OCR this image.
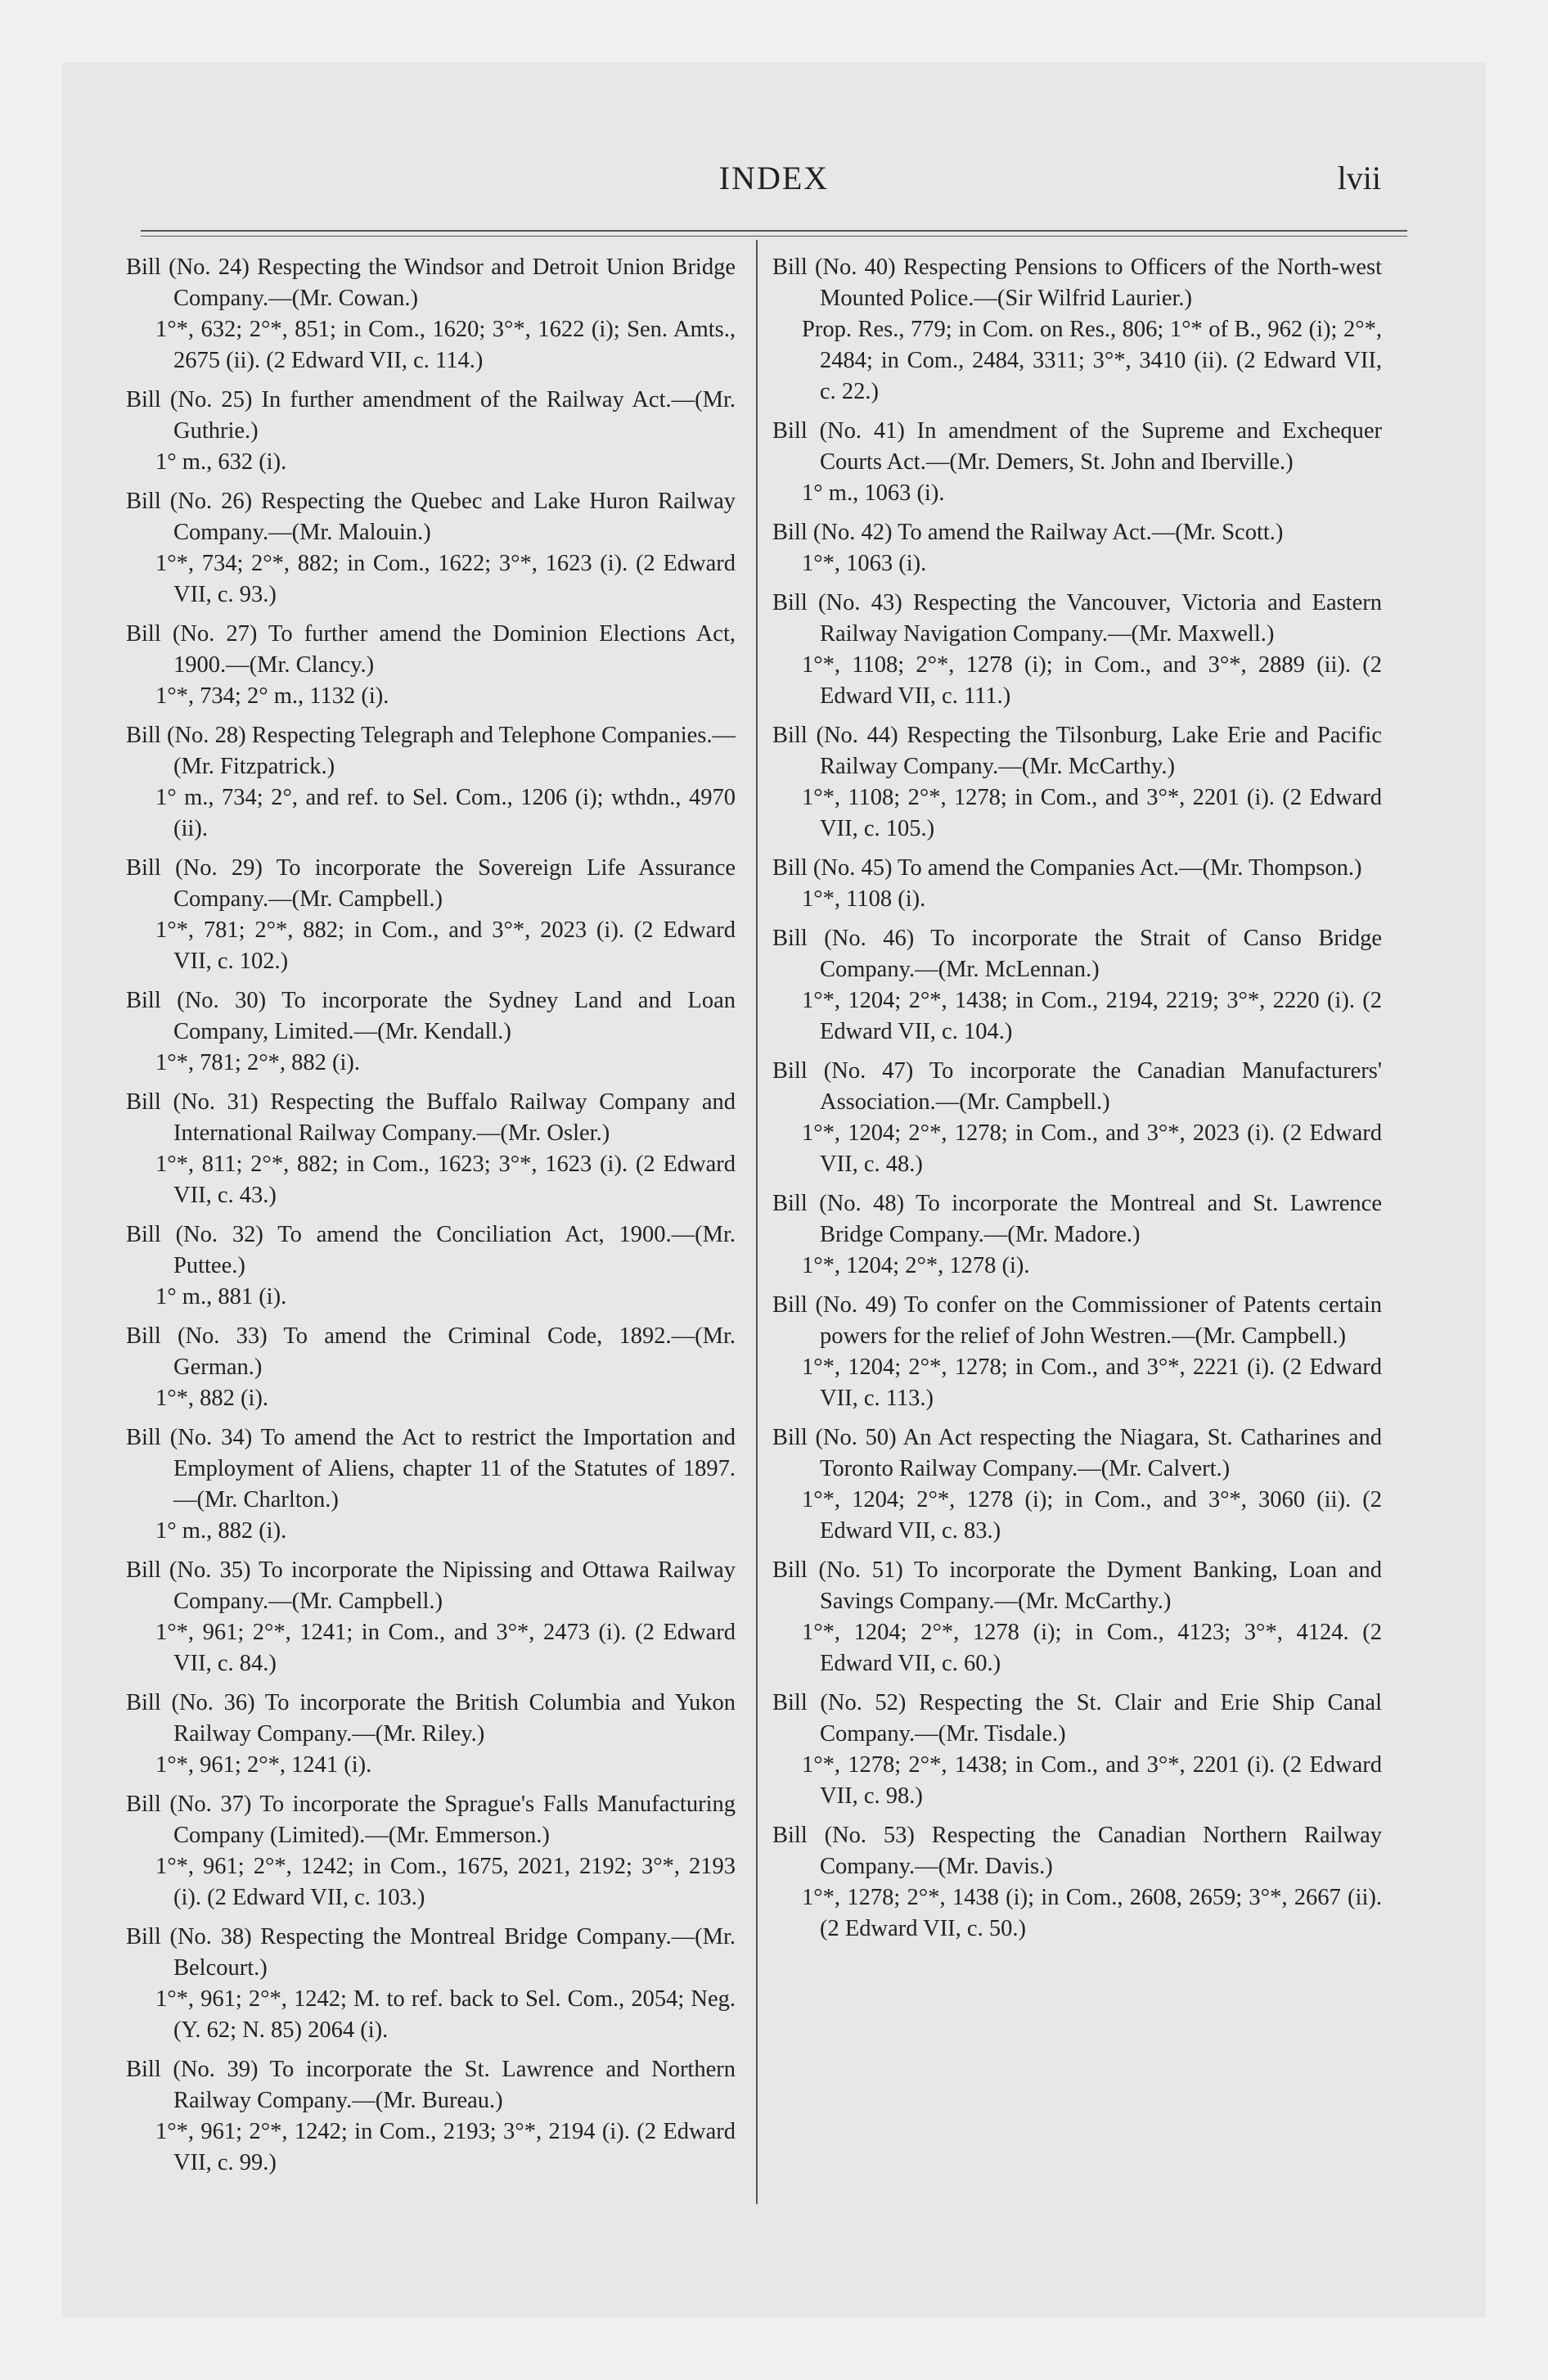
INDEX	lvii
Bill (No. 24) Respecting the Windsor and Detroit Union Bridge Company.—(Mr. Cowan.)
1°*, 632; 2°*, 851; in Com., 1620; 3°*, 1622 (i); Sen. Amts., 2675 (ii). (2 Edward VII, c. 114.)
Bill (No. 25) In further amendment of the Railway Act.—(Mr. Guthrie.)
1° m., 632 (i).
Bill (No. 26) Respecting the Quebec and Lake Huron Railway Company.—(Mr. Malouin.)
1°*, 734; 2°*, 882; in Com., 1622; 3°*, 1623 (i). (2 Edward VII, c. 93.)
Bill (No. 27) To further amend the Dominion Elections Act, 1900.—(Mr. Clancy.)
1°*, 734; 2° m., 1132 (i).
Bill (No. 28) Respecting Telegraph and Telephone Companies.—(Mr. Fitzpatrick.)
1° m., 734; 2°, and ref. to Sel. Com., 1206 (i); wthdn., 4970 (ii).
Bill (No. 29) To incorporate the Sovereign Life Assurance Company.—(Mr. Campbell.)
1°*, 781; 2°*, 882; in Com., and 3°*, 2023 (i). (2 Edward VII, c. 102.)
Bill (No. 30) To incorporate the Sydney Land and Loan Company, Limited.—(Mr. Kendall.)
1°*, 781; 2°*, 882 (i).
Bill (No. 31) Respecting the Buffalo Railway Company and International Railway Company.—(Mr. Osler.)
1°*, 811; 2°*, 882; in Com., 1623; 3°*, 1623 (i). (2 Edward VII, c. 43.)
Bill (No. 32) To amend the Conciliation Act, 1900.—(Mr. Puttee.)
1° m., 881 (i).
Bill (No. 33) To amend the Criminal Code, 1892.—(Mr. German.)
1°*, 882 (i).
Bill (No. 34) To amend the Act to restrict the Importation and Employment of Aliens, chapter 11 of the Statutes of 1897.—(Mr. Charlton.)
1° m., 882 (i).
Bill (No. 35) To incorporate the Nipissing and Ottawa Railway Company.—(Mr. Campbell.)
1°*, 961; 2°*, 1241; in Com., and 3°*, 2473 (i). (2 Edward VII, c. 84.)
Bill (No. 36) To incorporate the British Columbia and Yukon Railway Company.—(Mr. Riley.)
1°*, 961; 2°*, 1241 (i).
Bill (No. 37) To incorporate the Sprague's Falls Manufacturing Company (Limited).—(Mr. Emmerson.)
1°*, 961; 2°*, 1242; in Com., 1675, 2021, 2192; 3°*, 2193 (i). (2 Edward VII, c. 103.)
Bill (No. 38) Respecting the Montreal Bridge Company.—(Mr. Belcourt.)
1°*, 961; 2°*, 1242; M. to ref. back to Sel. Com., 2054; Neg. (Y. 62; N. 85) 2064 (i).
Bill (No. 39) To incorporate the St. Lawrence and Northern Railway Company.—(Mr. Bureau.)
1°*, 961; 2°*, 1242; in Com., 2193; 3°*, 2194 (i). (2 Edward VII, c. 99.)
Bill (No. 40) Respecting Pensions to Officers of the North-west Mounted Police.—(Sir Wilfrid Laurier.)
Prop. Res., 779; in Com. on Res., 806; 1°* of B., 962 (i); 2°*, 2484; in Com., 2484, 3311; 3°*, 3410 (ii). (2 Edward VII, c. 22.)
Bill (No. 41) In amendment of the Supreme and Exchequer Courts Act.—(Mr. Demers, St. John and Iberville.)
1° m., 1063 (i).
Bill (No. 42) To amend the Railway Act.—(Mr. Scott.)
1°*, 1063 (i).
Bill (No. 43) Respecting the Vancouver, Victoria and Eastern Railway Navigation Company.—(Mr. Maxwell.)
1°*, 1108; 2°*, 1278 (i); in Com., and 3°*, 2889 (ii). (2 Edward VII, c. 111.)
Bill (No. 44) Respecting the Tilsonburg, Lake Erie and Pacific Railway Company.—(Mr. McCarthy.)
1°*, 1108; 2°*, 1278; in Com., and 3°*, 2201 (i). (2 Edward VII, c. 105.)
Bill (No. 45) To amend the Companies Act.—(Mr. Thompson.)
1°*, 1108 (i).
Bill (No. 46) To incorporate the Strait of Canso Bridge Company.—(Mr. McLennan.)
1°*, 1204; 2°*, 1438; in Com., 2194, 2219; 3°*, 2220 (i). (2 Edward VII, c. 104.)
Bill (No. 47) To incorporate the Canadian Manufacturers' Association.—(Mr. Campbell.)
1°*, 1204; 2°*, 1278; in Com., and 3°*, 2023 (i). (2 Edward VII, c. 48.)
Bill (No. 48) To incorporate the Montreal and St. Lawrence Bridge Company.—(Mr. Madore.)
1°*, 1204; 2°*, 1278 (i).
Bill (No. 49) To confer on the Commissioner of Patents certain powers for the relief of John Westren.—(Mr. Campbell.)
1°*, 1204; 2°*, 1278; in Com., and 3°*, 2221 (i). (2 Edward VII, c. 113.)
Bill (No. 50) An Act respecting the Niagara, St. Catharines and Toronto Railway Company.—(Mr. Calvert.)
1°*, 1204; 2°*, 1278 (i); in Com., and 3°*, 3060 (ii). (2 Edward VII, c. 83.)
Bill (No. 51) To incorporate the Dyment Banking, Loan and Savings Company.—(Mr. McCarthy.)
1°*, 1204; 2°*, 1278 (i); in Com., 4123; 3°*, 4124. (2 Edward VII, c. 60.)
Bill (No. 52) Respecting the St. Clair and Erie Ship Canal Company.—(Mr. Tisdale.)
1°*, 1278; 2°*, 1438; in Com., and 3°*, 2201 (i). (2 Edward VII, c. 98.)
Bill (No. 53) Respecting the Canadian Northern Railway Company.—(Mr. Davis.)
1°*, 1278; 2°*, 1438 (i); in Com., 2608, 2659; 3°*, 2667 (ii). (2 Edward VII, c. 50.)
